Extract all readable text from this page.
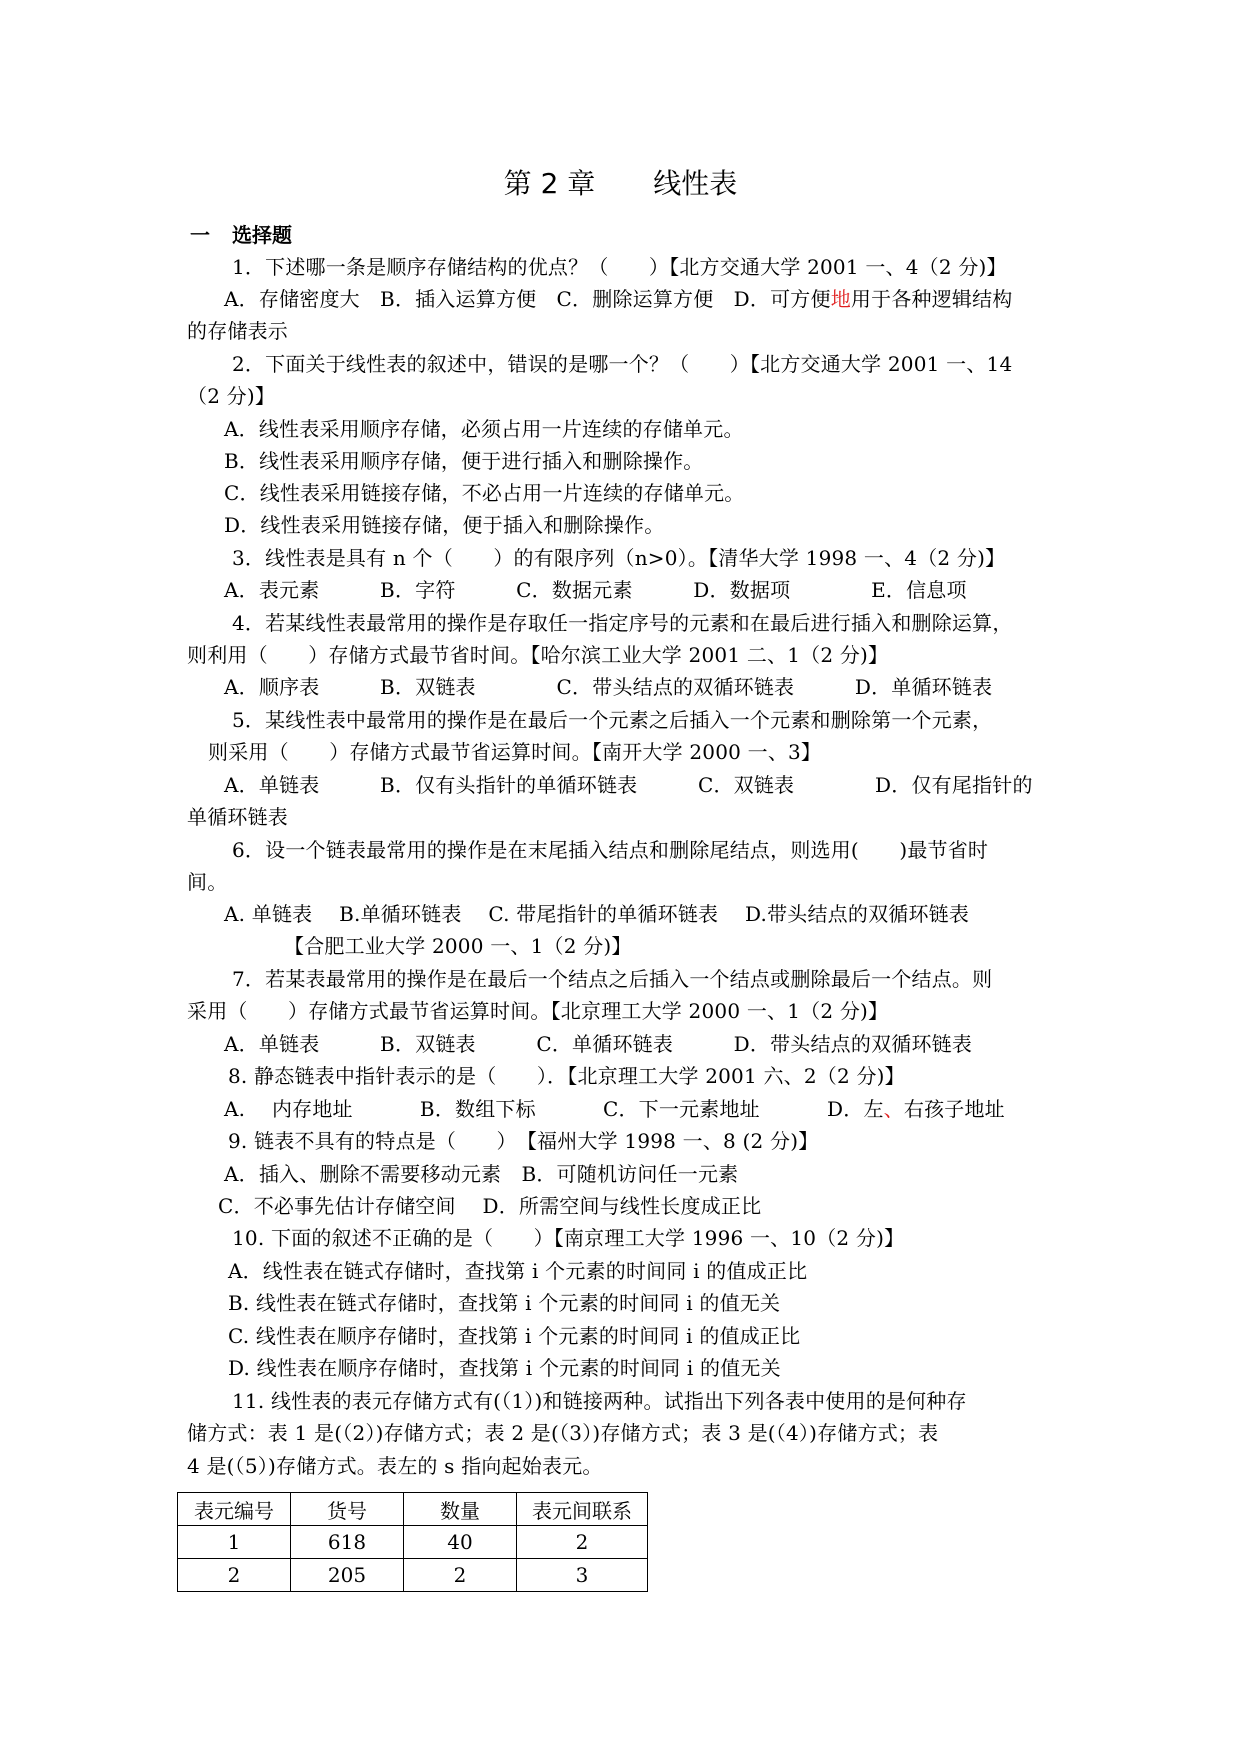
第 2 章 线性表
一 选择题
1．下述哪一条是顺序存储结构的优点？（　　）【北方交通大学 2001 一、4（2 分)】
A．存储密度大　B．插入运算方便　C．删除运算方便　D．可方便地用于各种逻辑结构
的存储表示
2．下面关于线性表的叙述中，错误的是哪一个？（　　）【北方交通大学 2001 一、14
（2 分)】
A．线性表采用顺序存储，必须占用一片连续的存储单元。
B．线性表采用顺序存储，便于进行插入和删除操作。
C．线性表采用链接存储，不必占用一片连续的存储单元。
D．线性表采用链接存储，便于插入和删除操作。
3．线性表是具有 n 个（　　）的有限序列（n>0）。【清华大学 1998 一、4（2 分)】
A．表元素　　　B．字符　　　C．数据元素　　　D．数据项　　　　E．信息项
4．若某线性表最常用的操作是存取任一指定序号的元素和在最后进行插入和删除运算，
则利用（　　）存储方式最节省时间。【哈尔滨工业大学 2001 二、1（2 分)】
A．顺序表　　　B．双链表　　　　C．带头结点的双循环链表　　　D．单循环链表
5．某线性表中最常用的操作是在最后一个元素之后插入一个元素和删除第一个元素，
则采用（　　）存储方式最节省运算时间。【南开大学 2000 一、3】
A．单链表　　　B．仅有头指针的单循环链表　　　C．双链表　　　　D．仅有尾指针的
单循环链表
6．设一个链表最常用的操作是在末尾插入结点和删除尾结点，则选用(　　)最节省时
间。
A. 单链表　 B.单循环链表　 C. 带尾指针的单循环链表　 D.带头结点的双循环链表
【合肥工业大学 2000 一、1（2 分)】
7．若某表最常用的操作是在最后一个结点之后插入一个结点或删除最后一个结点。则
采用（　　）存储方式最节省运算时间。【北京理工大学 2000 一、1（2 分)】
A．单链表　　　B．双链表　　　C．单循环链表　　　D．带头结点的双循环链表
8. 静态链表中指针表示的是（　　）．【北京理工大学 2001 六、2（2 分)】
A.　 内存地址　　　 B．数组下标　　　 C．下一元素地址　　　 D．左、右孩子地址
9. 链表不具有的特点是（　　）　【福州大学 1998 一、8 (2 分)】
A．插入、删除不需要移动元素　B．可随机访问任一元素
C．不必事先估计存储空间　 D．所需空间与线性长度成正比
10. 下面的叙述不正确的是（　　）【南京理工大学 1996 一、10（2 分)】
A．线性表在链式存储时，查找第 i 个元素的时间同 i 的值成正比
B. 线性表在链式存储时，查找第 i 个元素的时间同 i 的值无关
C. 线性表在顺序存储时，查找第 i 个元素的时间同 i 的值成正比
D. 线性表在顺序存储时，查找第 i 个元素的时间同 i 的值无关
11. 线性表的表元存储方式有(（1）)和链接两种。试指出下列各表中使用的是何种存
储方式：表 1 是(（2）)存储方式；表 2 是(（3）)存储方式；表 3 是(（4）)存储方式；表
4 是(（5）)存储方式。表左的 s 指向起始表元。
表元编号	货号	数量	表元间联系
1	618	40	2
2	205	2	3
